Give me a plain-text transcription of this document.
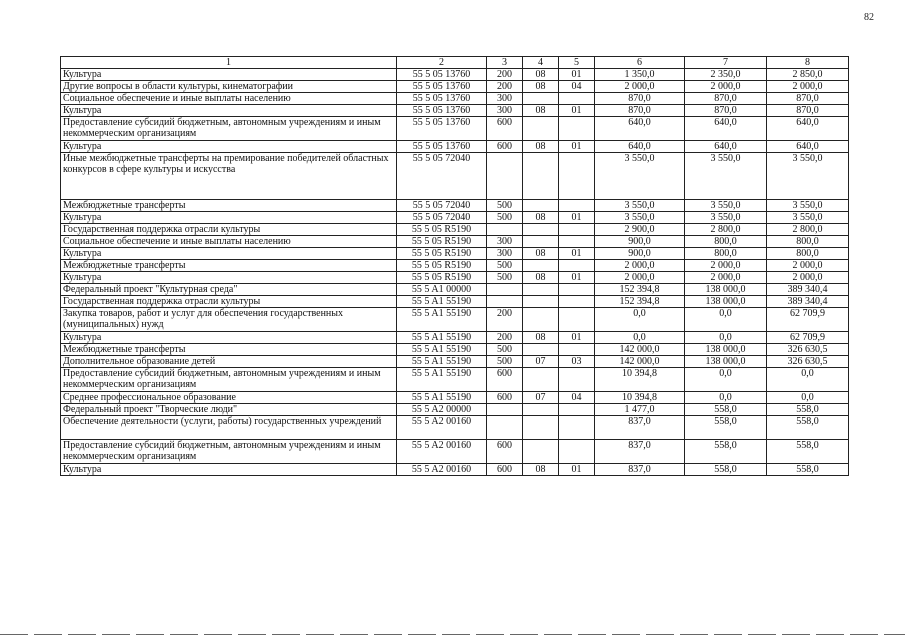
82
1	2	3	4	5	6	7	8
Культура	55 5 05 13760	200	08	01	1 350,0	2 350,0	2 850,0
Другие вопросы в области культуры, кинематографии	55 5 05 13760	200	08	04	2 000,0	2 000,0	2 000,0
Социальное обеспечение и иные выплаты населению	55 5 05 13760	300			870,0	870,0	870,0
Культура	55 5 05 13760	300	08	01	870,0	870,0	870,0
Предоставление субсидий бюджетным, автономным учреждениям и иным некоммерческим организациям	55 5 05 13760	600			640,0	640,0	640,0
Культура	55 5 05 13760	600	08	01	640,0	640,0	640,0
Иные межбюджетные трансферты на премирование победителей областных конкурсов в сфере культуры и искусства	55 5 05 72040				3 550,0	3 550,0	3 550,0
Межбюджетные трансферты	55 5 05 72040	500			3 550,0	3 550,0	3 550,0
Культура	55 5 05 72040	500	08	01	3 550,0	3 550,0	3 550,0
Государственная поддержка отрасли культуры	55 5 05 R5190				2 900,0	2 800,0	2 800,0
Социальное обеспечение и иные выплаты населению	55 5 05 R5190	300			900,0	800,0	800,0
Культура	55 5 05 R5190	300	08	01	900,0	800,0	800,0
Межбюджетные трансферты	55 5 05 R5190	500			2 000,0	2 000,0	2 000,0
Культура	55 5 05 R5190	500	08	01	2 000,0	2 000,0	2 000,0
Федеральный проект "Культурная среда"	55 5 A1 00000				152 394,8	138 000,0	389 340,4
Государственная поддержка отрасли культуры	55 5 A1 55190				152 394,8	138 000,0	389 340,4
Закупка товаров, работ и услуг для обеспечения государственных (муниципальных) нужд	55 5 A1 55190	200			0,0	0,0	62 709,9
Культура	55 5 A1 55190	200	08	01	0,0	0,0	62 709,9
Межбюджетные трансферты	55 5 A1 55190	500			142 000,0	138 000,0	326 630,5
Дополнительное образование детей	55 5 A1 55190	500	07	03	142 000,0	138 000,0	326 630,5
Предоставление субсидий бюджетным, автономным учреждениям и иным некоммерческим организациям	55 5 A1 55190	600			10 394,8	0,0	0,0
Среднее профессиональное образование	55 5 A1 55190	600	07	04	10 394,8	0,0	0,0
Федеральный проект "Творческие люди"	55 5 A2 00000				1 477,0	558,0	558,0
Обеспечение деятельности (услуги, работы) государственных учреждений	55 5 A2 00160				837,0	558,0	558,0
Предоставление субсидий бюджетным, автономным учреждениям и иным некоммерческим организациям	55 5 A2 00160	600			837,0	558,0	558,0
Культура	55 5 A2 00160	600	08	01	837,0	558,0	558,0
